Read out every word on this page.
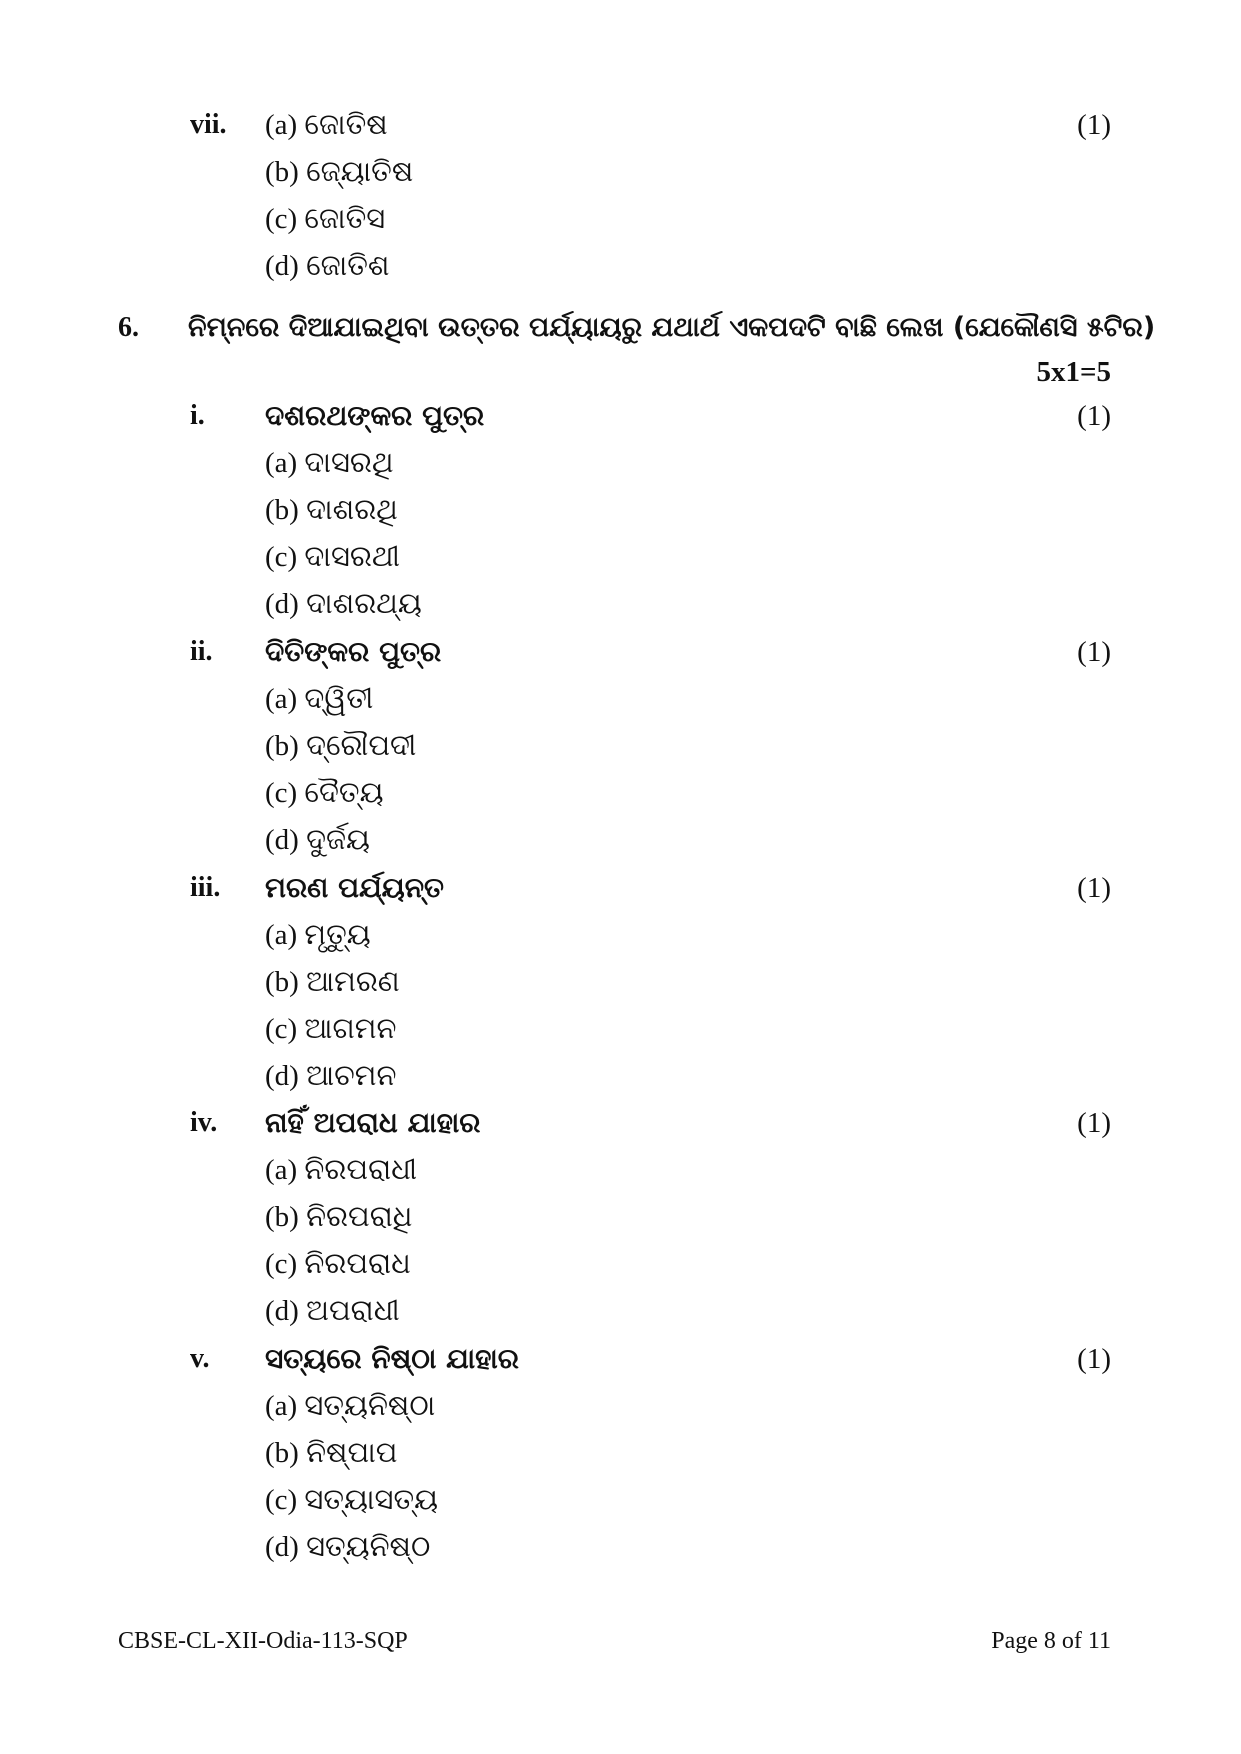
vii. (a) ଜୋତିଷ	(1)
(b) ଜ୍ୟୋତିଷ
(c) ଜୋତିସ
(d) ଜୋତିଶ
6. ନିମ୍ନରେ ଦିଆଯାଇଥିବା ଉତ୍ତର ପର୍ଯ୍ୟାୟରୁ ଯଥାର୍ଥ ଏକପଦଟି ବାଛି ଲେଖ (ଯେକୌଣସି ୫ଟିର)
5x1=5
i. ଦଶରଥଙ୍କର ପୁତ୍ର	(1)
(a) ଦାସରଥି
(b) ଦାଶରଥି
(c) ଦାସରଥୀ
(d) ଦାଶରଥ୍ୟ
ii. ଦିତିଙ୍କର ପୁତ୍ର	(1)
(a) ଦ୍ୱିତୀ
(b) ଦ୍ରୌପଦୀ
(c) ଦୈତ୍ୟ
(d) ଦୁର୍ଜୟ
iii. ମରଣ ପର୍ଯ୍ୟନ୍ତ	(1)
(a) ମୃତ୍ୟୁ
(b) ଆମରଣ
(c) ଆଗମନ
(d) ଆଚମନ
iv. ନାହିଁ ଅପରାଧ ଯାହାର	(1)
(a) ନିରପରାଧୀ
(b) ନିରପରାଧି
(c) ନିରପରାଧ
(d) ଅପରାଧୀ
v. ସତ୍ୟରେ ନିଷ୍ଠା ଯାହାର	(1)
(a) ସତ୍ୟନିଷ୍ଠା
(b) ନିଷ୍ପାପ
(c) ସତ୍ୟାସତ୍ୟ
(d) ସତ୍ୟନିଷ୍ଠ
CBSE-CL-XII-Odia-113-SQP	Page 8 of 11
